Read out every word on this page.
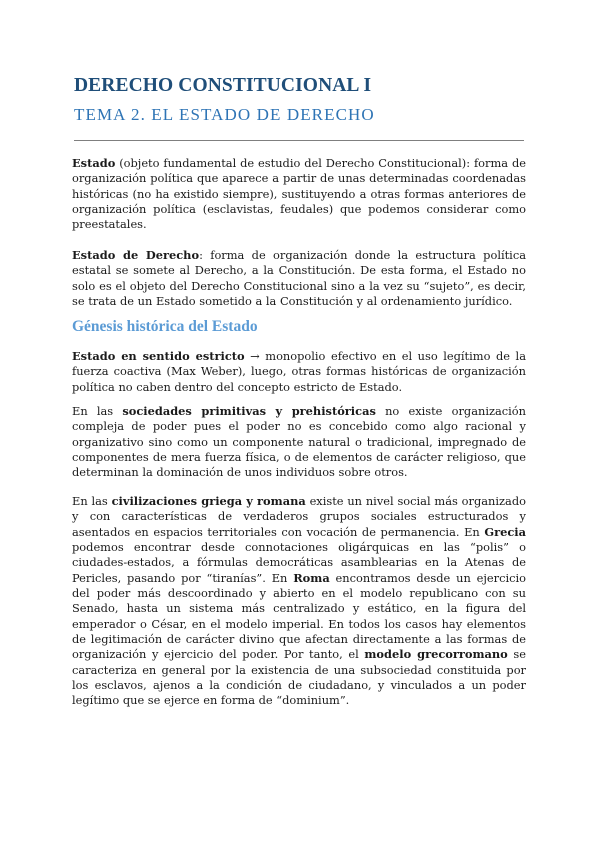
DERECHO CONSTITUCIONAL I
TEMA 2. EL ESTADO DE DERECHO

Estado (objeto fundamental de estudio del Derecho Constitucional): forma de organización política que aparece a partir de unas determinadas coordenadas históricas (no ha existido siempre), sustituyendo a otras formas anteriores de organización política (esclavistas, feudales) que podemos considerar como preestatales.

Estado de Derecho: forma de organización donde la estructura política estatal se somete al Derecho, a la Constitución. De esta forma, el Estado no solo es el objeto del Derecho Constitucional sino a la vez su “sujeto”, es decir, se trata de un Estado sometido a la Constitución y al ordenamiento jurídico.

Génesis histórica del Estado

Estado en sentido estricto → monopolio efectivo en el uso legítimo de la fuerza coactiva (Max Weber), luego, otras formas históricas de organización política no caben dentro del concepto estricto de Estado.

En las sociedades primitivas y prehistóricas no existe organización compleja de poder pues el poder no es concebido como algo racional y organizativo sino como un componente natural o tradicional, impregnado de componentes de mera fuerza física, o de elementos de carácter religioso, que determinan la dominación de unos individuos sobre otros.

En las civilizaciones griega y romana existe un nivel social más organizado y con características de verdaderos grupos sociales estructurados y asentados en espacios territoriales con vocación de permanencia. En Grecia podemos encontrar desde connotaciones oligárquicas en las “polis” o ciudades-estados, a fórmulas democráticas asamblearias en la Atenas de Pericles, pasando por “tiranías”. En Roma encontramos desde un ejercicio del poder más descoordinado y abierto en el modelo republicano con su Senado, hasta un sistema más centralizado y estático, en la figura del emperador o César, en el modelo imperial. En todos los casos hay elementos de legitimación de carácter divino que afectan directamente a las formas de organización y ejercicio del poder. Por tanto, el modelo grecorromano se caracteriza en general por la existencia de una subsociedad constituida por los esclavos, ajenos a la condición de ciudadano, y vinculados a un poder legítimo que se ejerce en forma de “dominium”.
